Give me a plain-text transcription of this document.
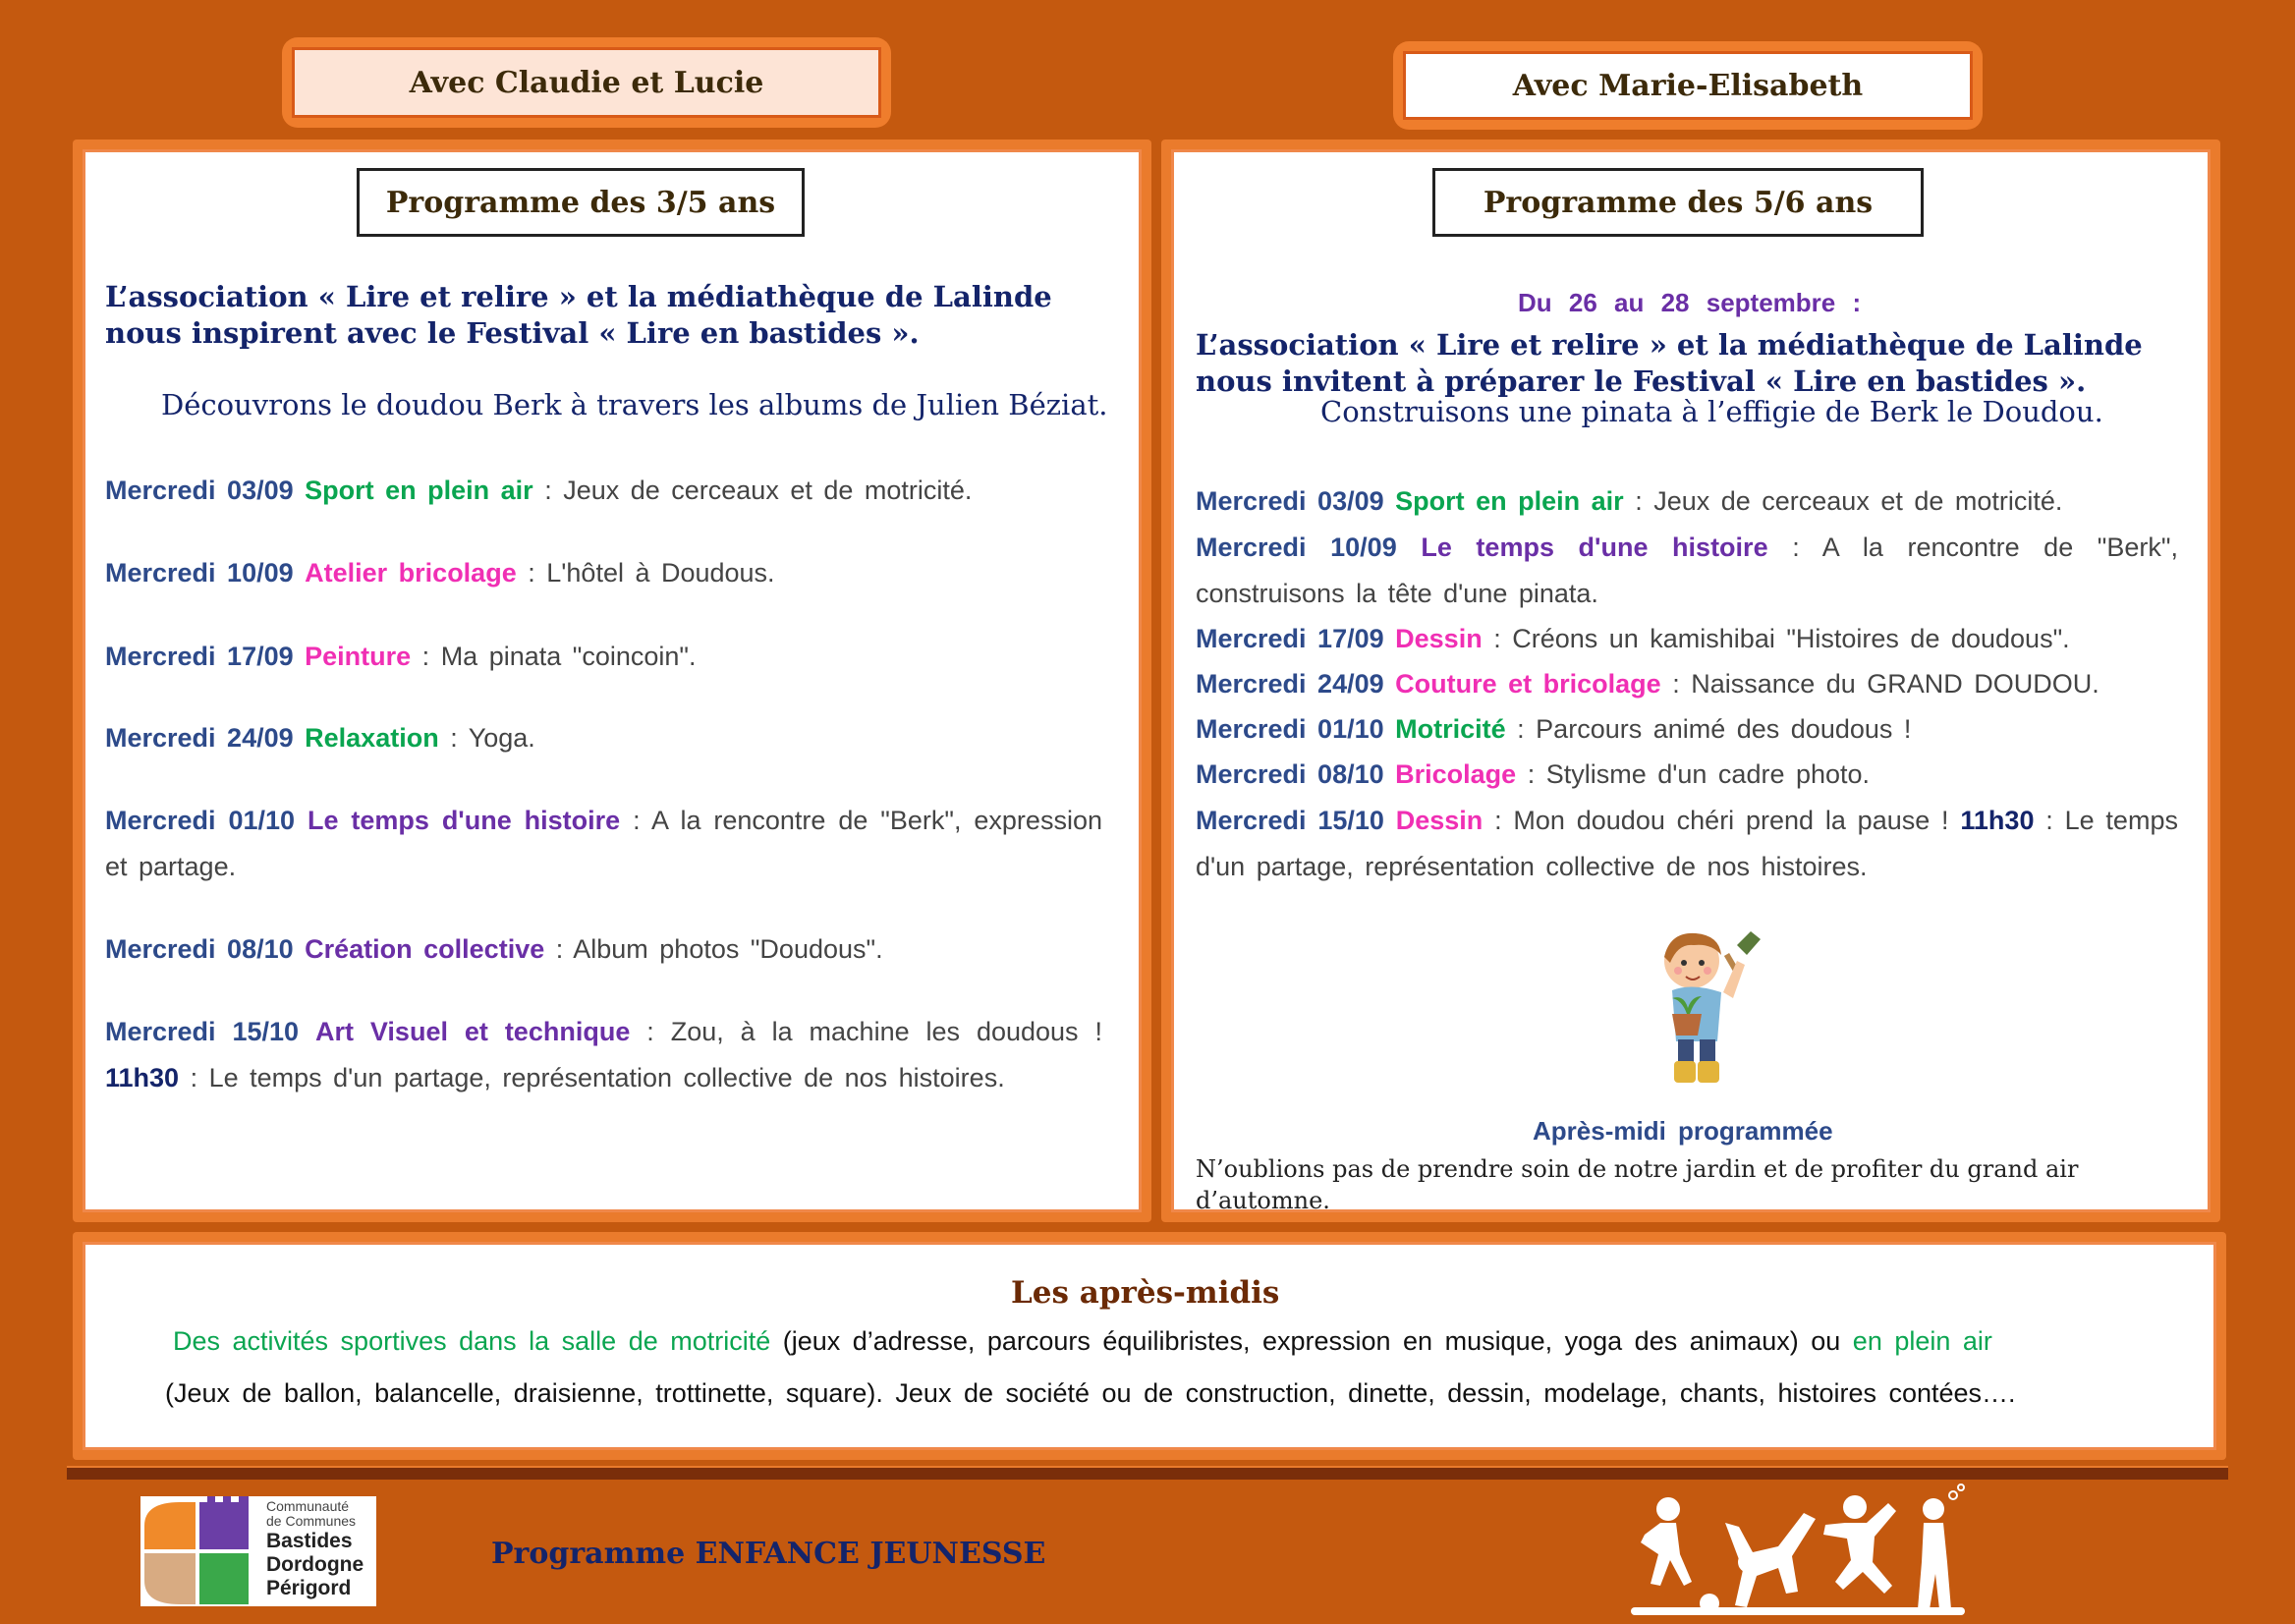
Avec Claudie et Lucie	Avec Marie-Elisabeth
Programme des 3/5 ans
L’association « Lire et relire » et la médiathèque de Lalinde nous inspirent avec le Festival « Lire en bastides ».
Découvrons le doudou Berk à travers les albums de Julien Béziat.
Mercredi 03/09 Sport en plein air : Jeux de cerceaux et de motricité.
Mercredi 10/09 Atelier bricolage : L'hôtel à Doudous.
Mercredi 17/09 Peinture : Ma pinata "coincoin".
Mercredi 24/09 Relaxation : Yoga.
Mercredi 01/10 Le temps d'une histoire : A la rencontre de "Berk", expression et partage.
Mercredi 08/10 Création collective : Album photos "Doudous".
Mercredi 15/10 Art Visuel et technique : Zou, à la machine les doudous ! 11h30 : Le temps d'un partage, représentation collective de nos histoires.
Programme des 5/6 ans
Du 26 au 28 septembre :
L’association « Lire et relire » et la médiathèque de Lalinde nous invitent à préparer le Festival « Lire en bastides ».
Construisons une pinata à l’effigie de Berk le Doudou.
Mercredi 03/09 Sport en plein air : Jeux de cerceaux et de motricité.
Mercredi 10/09 Le temps d'une histoire : A la rencontre de "Berk", construisons la tête d'une pinata.
Mercredi 17/09 Dessin : Créons un kamishibai "Histoires de doudous".
Mercredi 24/09 Couture et bricolage : Naissance du GRAND DOUDOU.
Mercredi 01/10 Motricité : Parcours animé des doudous !
Mercredi 08/10 Bricolage : Stylisme d'un cadre photo.
Mercredi 15/10 Dessin : Mon doudou chéri prend la pause ! 11h30 : Le temps d'un partage, représentation collective de nos histoires.
Après-midi programmée
N’oublions pas de prendre soin de notre jardin et de profiter du grand air d’automne.
Les après-midis
Des activités sportives dans la salle de motricité (jeux d’adresse, parcours équilibristes, expression en musique, yoga des animaux) ou en plein air
(Jeux de ballon, balancelle, draisienne, trottinette, square). Jeux de société ou de construction, dinette, dessin, modelage, chants, histoires contées….
Communauté
de Communes
Bastides
Dordogne
Périgord
Programme ENFANCE JEUNESSE
